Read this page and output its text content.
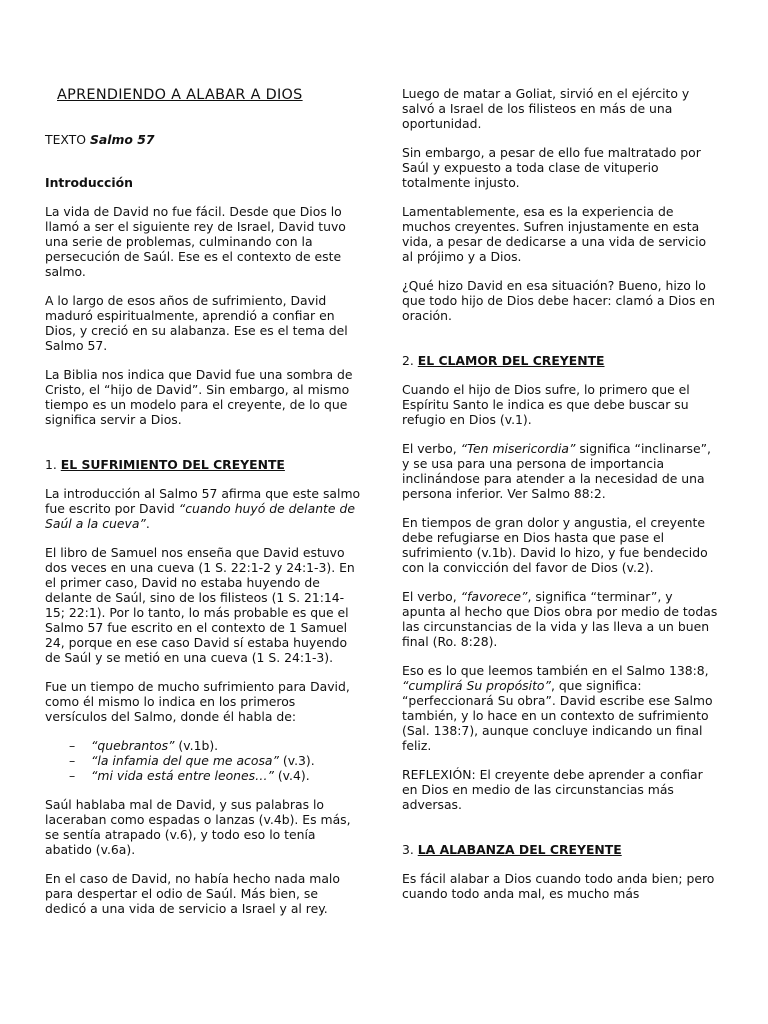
APRENDIENDO A ALABAR A DIOS

TEXTO Salmo 57

Introducción

La vida de David no fue fácil. Desde que Dios lo llamó a ser el siguiente rey de Israel, David tuvo una serie de problemas, culminando con la persecución de Saúl. Ese es el contexto de este salmo.

A lo largo de esos años de sufrimiento, David maduró espiritualmente, aprendió a confiar en Dios, y creció en su alabanza. Ese es el tema del Salmo 57.

La Biblia nos indica que David fue una sombra de Cristo, el “hijo de David”. Sin embargo, al mismo tiempo es un modelo para el creyente, de lo que significa servir a Dios.

1. EL SUFRIMIENTO DEL CREYENTE

La introducción al Salmo 57 afirma que este salmo fue escrito por David “cuando huyó de delante de Saúl a la cueva”.

El libro de Samuel nos enseña que David estuvo dos veces en una cueva (1 S. 22:1-2 y 24:1-3). En el primer caso, David no estaba huyendo de delante de Saúl, sino de los filisteos (1 S. 21:14-15; 22:1). Por lo tanto, lo más probable es que el Salmo 57 fue escrito en el contexto de 1 Samuel 24, porque en ese caso David sí estaba huyendo de Saúl y se metió en una cueva (1 S. 24:1-3).

Fue un tiempo de mucho sufrimiento para David, como él mismo lo indica en los primeros versículos del Salmo, donde él habla de:

– “quebrantos” (v.1b).
– “la infamia del que me acosa” (v.3).
– “mi vida está entre leones…” (v.4).

Saúl hablaba mal de David, y sus palabras lo laceraban como espadas o lanzas (v.4b). Es más, se sentía atrapado (v.6), y todo eso lo tenía abatido (v.6a).

En el caso de David, no había hecho nada malo para despertar el odio de Saúl. Más bien, se dedicó a una vida de servicio a Israel y al rey.

Luego de matar a Goliat, sirvió en el ejército y salvó a Israel de los filisteos en más de una oportunidad.

Sin embargo, a pesar de ello fue maltratado por Saúl y expuesto a toda clase de vituperio totalmente injusto.

Lamentablemente, esa es la experiencia de muchos creyentes. Sufren injustamente en esta vida, a pesar de dedicarse a una vida de servicio al prójimo y a Dios.

¿Qué hizo David en esa situación? Bueno, hizo lo que todo hijo de Dios debe hacer: clamó a Dios en oración.

2. EL CLAMOR DEL CREYENTE

Cuando el hijo de Dios sufre, lo primero que el Espíritu Santo le indica es que debe buscar su refugio en Dios (v.1).

El verbo, “Ten misericordia” significa “inclinarse”, y se usa para una persona de importancia inclinándose para atender a la necesidad de una persona inferior. Ver Salmo 88:2.

En tiempos de gran dolor y angustia, el creyente debe refugiarse en Dios hasta que pase el sufrimiento (v.1b). David lo hizo, y fue bendecido con la convicción del favor de Dios (v.2).

El verbo, “favorece”, significa “terminar”, y apunta al hecho que Dios obra por medio de todas las circunstancias de la vida y las lleva a un buen final (Ro. 8:28).

Eso es lo que leemos también en el Salmo 138:8, “cumplirá Su propósito”, que significa: “perfeccionará Su obra”. David escribe ese Salmo también, y lo hace en un contexto de sufrimiento (Sal. 138:7), aunque concluye indicando un final feliz.

REFLEXIÓN: El creyente debe aprender a confiar en Dios en medio de las circunstancias más adversas.

3. LA ALABANZA DEL CREYENTE

Es fácil alabar a Dios cuando todo anda bien; pero cuando todo anda mal, es mucho más
